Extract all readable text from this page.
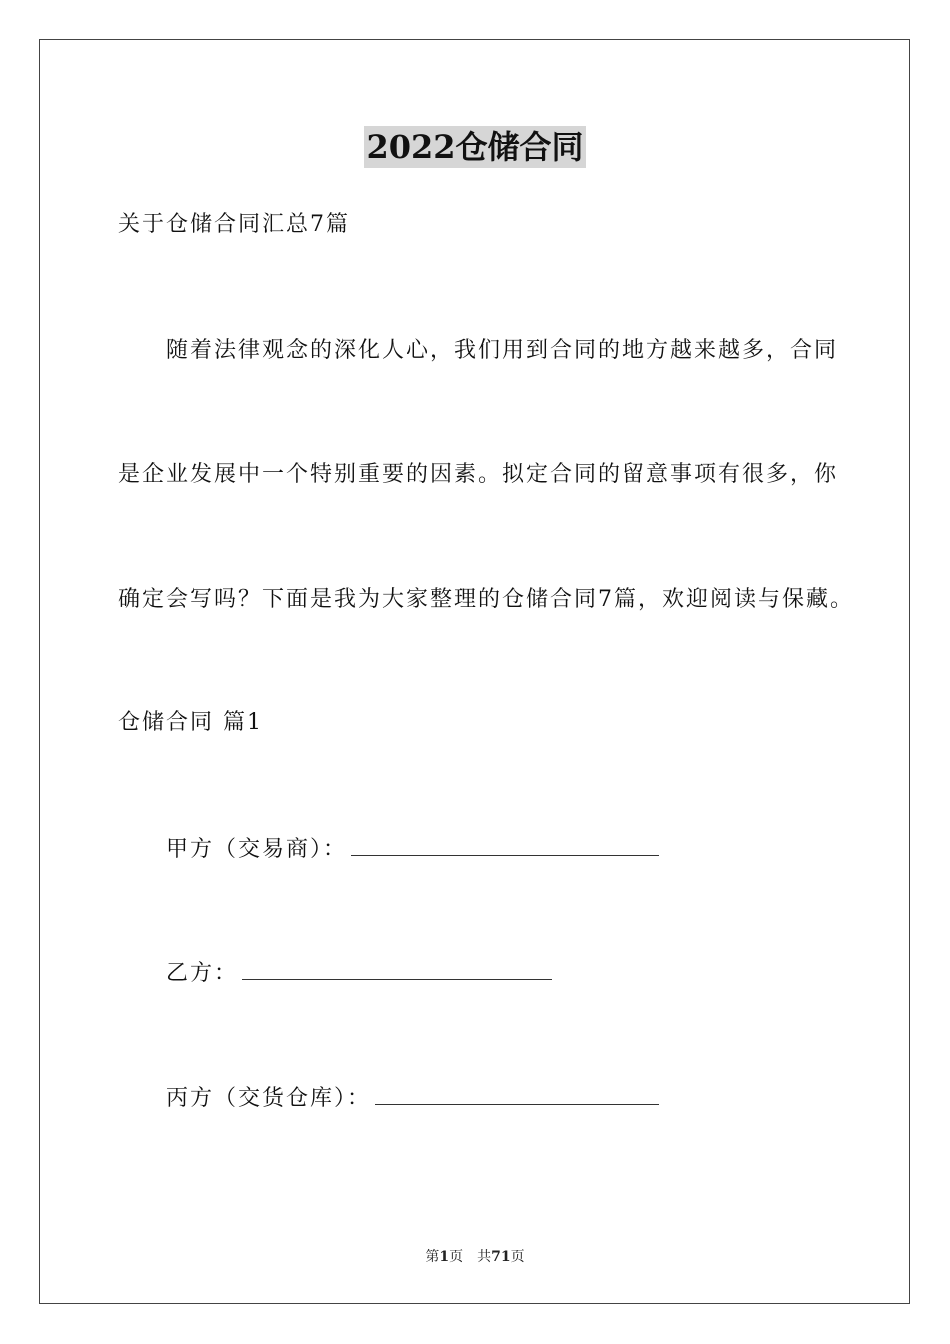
2022仓储合同
关于仓储合同汇总7篇
随着法律观念的深化人心，我们用到合同的地方越来越多，合同
是企业发展中一个特别重要的因素。拟定合同的留意事项有很多，你
确定会写吗？下面是我为大家整理的仓储合同7篇，欢迎阅读与保藏。
仓储合同 篇1
甲方（交易商）：
乙方：
丙方（交货仓库）：
第1页 共71页
